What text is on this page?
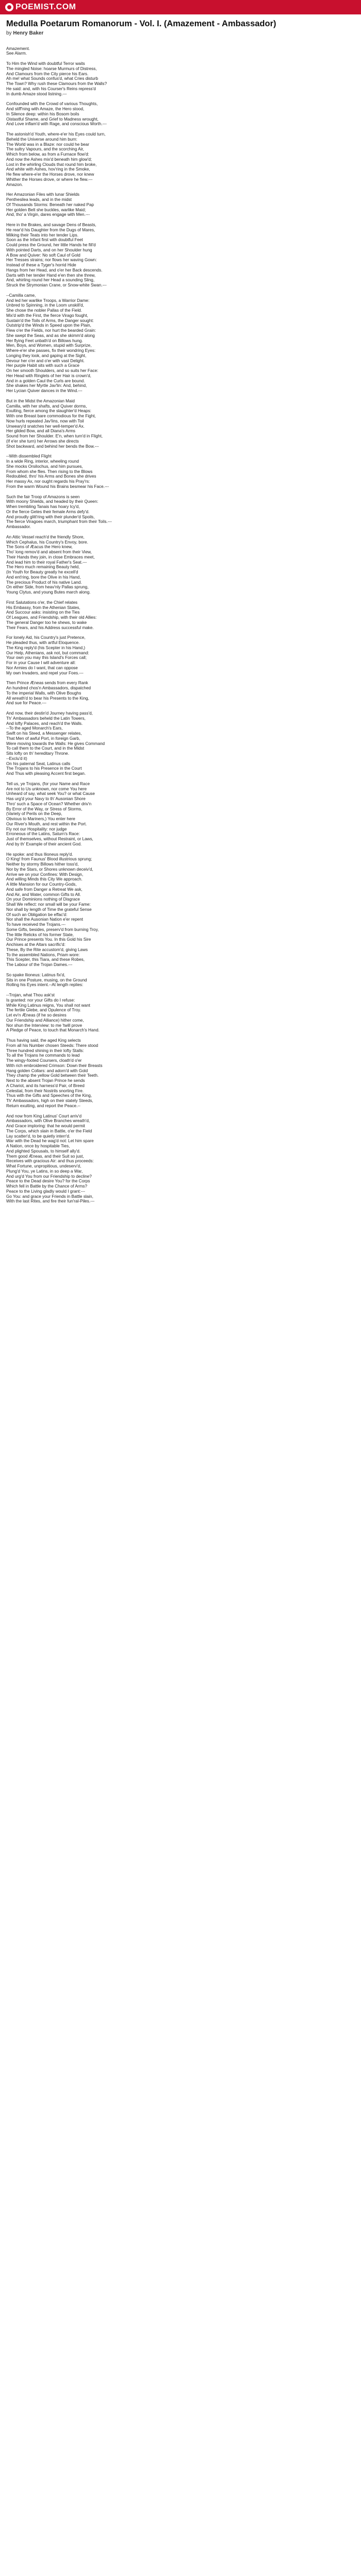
POEMIST.COM
Medulla Poetarum Romanorum - Vol. I. (Amazement - Ambassador)
by Henry Baker
Amazement.
See Alarm.
To Him the Wind with doubtful Terror waits
The mingled Noise: hoarse Murmurs of Distress,
And Clamours from the City pierce his Ears.
Ah me! what Sounds confus'd, what Cries disturb
The Town? Why rush these Clamours from the Walls?
He said: and, with his Courser's Reins repress'd
In dumb Amaze stood listning.---
Confounded with the Crowd of various Thoughts,
And stiff'ning with Amaze, the Hero stood,
In Silence deep: within his Bosom boils
Oistastful Shame, and Grief to Madness wrought,
And Love inflam'd with Rage, and conscious Worth.---
The astonish'd Youth, where-e'er his Eyes could turn,
Beheld the Universe around him burn:
The World was in a Blaze: nor could he bear
The sultry Vapours, and the scorching Air,
Which from below, as from a Furnace flow'd:
And now the Ashes mix'd beneath him glow'd;
Lost in the whirling Clouds that round him broke,
And white with Ashes, hov'ring in the Smoke,
He flew where-e'er the Horses drove, nor knew
Whither the Horses drove, or where he flew.---
Amazon.
Her Amazonian Files with lunar Shields
Penthesilea leads, and in the midst
Of Thousands Storms: Beneath her naked Pap
Her golden Belt she buckles, warlike Maid;
And, tho' a Virgin, dares engage with Men.---
Here in the Brakes, and savage Dens of Beasts,
He rear'd his Daughter from the Dugs of Mares,
Milking their Teats into her tender Lips.
Soon as the Infant first with doubtful Feet
Could press the Ground, her little Hands he fill'd
With pointed Darts, and on her Shoulder hung
A Bow and Quiver: No soft Caul of Gold
Her Tresses strains; nor flows her waving Gown:
Instead of these a Tyger's horrid Hide
Hangs from her Head, and o'er her Back descends.
Darts with her tender Hand e'en then she threw,
And, whirling round her Head a sounding Sling,
Struck the Strymonian Crane, or Snow-white Swan.---
--Camilla came,
And led her warlike Troops, a Warrior Dame:
Unbred to Spinning, in the Loom unskill'd,
She chose the nobler Pallas of the Field.
Mix'd with the First, the fierce Virago fought,
Sustain'd the Toils of Arms, the Danger sought:
Outstrip'd the Winds in Speed upon the Plain,
Flew o'er the Fields, nor hurt the bearded Grain:
She swept the Seas, and as she skimm'd along
Her flying Feet unbath'd on Billows hung.
Men, Boys, and Women, stupid with Surprize,
Where-e'er she passes, fix their wondring Eyes:
Longing they look, and gaping at the Sight,
Devour her o'er and o'er with vast Delight.
Her purple Habit sits with such a Grace
On her smooth Shoulders, and so suits her Face:
Her Head with Ringlets of her Hair is crown'd,
And in a golden Caul the Curls are bound.
She shakes her Myrtle Jav'lin: And, behind,
Her Lycian Quiver dances in the Wind.---
But in the Midst the Amazonian Maid
Camilla, with her shafts, and Quiver dorms,
Exulting, fierce among the slaughter'd Heaps:
With one Breast bare commodious for the Fight,
Now hurls repeated Jav'lins, now with Toil
Unweary'd snatches her well-temper'd Ax.
Her gilded Bow, and all Diana's Arms
Sound from her Shoulder. E'n, when turn'd in Flight,
(If e'er she turn) her Arrows she directs
Shot backward, and behind her bends the Bow.---
--With dissembled Flight
In a wide Ring, interior, wheeling round
She mocks Orsilochus, and him pursues,
From whom she flies. Then rising to the Blows
Redoubled, thro' his Arms and Bones she drives
Her massy Ax, nor ought regards his Pray'rs:
From the warm Wound his Brains besmear his Face.---
Such the fair Troop of Amazons is seen
With moony Shields, and headed by their Queen:
When trembling Tanais has hoary Icy'd,
Or the fierce Getes their female Arms defy'd.
And proudly glitt'ring with their plunder'd Spoils,
The fierce Viragoes march, triumphant from their Toils.---
Ambassador.
An Attic Vessel reach'd the friendly Shore,
Which Cephalus, his Country's Envoy, bore.
The Sons of Æacus the Hero knew,
Tho' long remov'd and absent from their View,
Their Hands they join, in close Embraces meet,
And lead him to their royal Father's Seat.---
The Hero much remaining Beauty held,
(In Youth for Beauty greatly he excell'd
And ent'ring, bore the Olive in his Hand,
The precious Product of his native Land.
On either Side, from heav'nly Pallas sprung,
Young Clytus, and young Butes march along.
First Salutations o'er, the Chief relates
His Embassy, from the Athenian States,
And Succour asks: insisting on the Ties
Of Leagues, and Friendship, with their old Allies:
The general Danger too he shews, to wake
Their Fears, and his Address successful make.
For lonely Aid, his Country's just Pretence,
He pleaded thus, with artful Eloquence.
The King reply'd (his Scepter in his Hand,)
Our Help, Athenians, ask not, but command:
Your own you may this Island's Forces call;
For in your Cause I will adventure all:
Nor Armies do I want, that can oppose
My own Invaders, and repel your Foes.---
Then Prince Æneas sends from every Rank
An hundred chos'n Ambassadors, dispatched
To the imperial Walls, with Olive Boughs
All wreath'd to bear his Presents to the King,
And sue for Peace.---
And now, their destin'd Journey having pass'd,
Th' Ambassadors beheld the Latin Towers,
And lofty Palaces, and reach'd the Walls.
--To the aged Monarch's Ears,
Swift on his Steed, a Messenger relates,
That Men of awful Port, in foreign Garb,
Were moving towards the Walls: He gives Command
To call them to the Court, and in the Midst
Sits lofty on th' hereditary Throne.
--Exclu'd it)
On his paternal Seat, Latinus calls
The Trojans to his Presence in the Court
And Thus with pleasing Accent first began.
Tell us, ye Trojans, (for your Name and Race
Are not to Us unknown, nor come You here
Unheard of say, what seek You? or what Cause
Has urg'd your Navy to th' Ausonian Shore
Thro' such a Space of Ocean? Whether driv'n
By Error of the Way, or Stress of Storms,
(Variety of Perils on the Deep,
Obvious to Mariners,) You enter here
Our River's Mouth, and rest within the Port.
Fly not our Hospitality: nor judge
Erroneous of the Latins, Saturn's Race:
Just of themselves, without Restraint, or Laws,
And by th' Example of their ancient God.
He spoke: and thus Ilioneus reply'd.
O King! from Faunus' Blood illustrious sprung;
Neither by stormy Billows hither toss'd,
Nor by the Stars, or Shores unknown deceiv'd,
Arrive we on your Confines: With Design,
And willing Minds this City We approach.
A little Mansion for our Country-Gods,
And safe from Danger a Retreat We ask,
And Air, and Water, common Gifts to All.
On your Dominions nothing of Disgrace
Shall We reflect: nor small will be your Fame:
Nor shall by length of Time the grateful Sense
Of such an Obligation be effac'd:
Nor shall the Ausonian Nation e'er repent
To have received the Trojans.---
Some Gifts, besides, preserv'd from burning Troy,
The little Relicks of his former State,
Our Prince presents You. In this Gold his Sire
Anchises at the Altars sacrific'd:
These, By the Rite accustom'd, giving Laws
To the assembled Nations, Priam wore:
This Scepter, this Tiara, and these Robes,
The Labour of the Trojan Dames.---
So spake Ilioneus: Latinus fix'd,
Sits in one Posture, musing, on the Ground
Rolling his Eyes intent.--At length replies:
--Trojan, what Thou ask'st
Is granted: nor your Gifts do I refuse:
While King Latinus reigns, You shall not want
The fertile Glebe, and Opulence of Troy.
Let ev'n Æneas (if he so desires
Our Friendship and Alliance) hither come,
Nor shun the Interview: to me 'twill prove
A Pledge of Peace, to touch that Monarch's Hand.
Thus having said, the aged King selects
From all his Number chosen Steeds: There stood
Three hundred shining in their lofty Stalls:
To all the Trojans he commands to lead
The wingy-footed Coursers, cloath'd o'er
With rich embroidered Crimson: Down their Breasts
Hang golden Collars: and adorn'd with Gold
They champ the yellow Gold between their Teeth.
Next to the absent Trojan Prince he sends
A Chariot, and its harness'd Pair, of Breed
Celestial, from their Nostrils snorting Fire.
Thus with the Gifts and Speeches of the King,
Th' Ambassadors, high on their stately Steeds,
Return exulting, and report the Peace.--
And now from King Latinus' Court arriv'd
Ambassadors, with Olive Branches wreath'd,
And Grace imploring: that he would permit
The Corps, which slain in Battle, o'er the Field
Lay scatter'd, to be quietly interr'd.
War with the Dead he wag'd not: Let him spare
A Nation, once by hospitable Ties,
And plighted Spousals, to himself ally'd.
Them good Æneas, and their Suit so just,
Receives with gracious Air: and thus proceeds:
What Fortune, unpropitious, undeserv'd,
Plung'd You, ye Latins, in so deep a War,
And urg'd You from our Friendship to decline?
Peace to the Dead desire You? for the Corps
Which fell in Battle by the Chance of Arms?
Peace to the Living gladly would I grant:---
Go You: and grace your Friends in Battle slain,
With the last Rites, and fire their fun'ral-Piles.---
